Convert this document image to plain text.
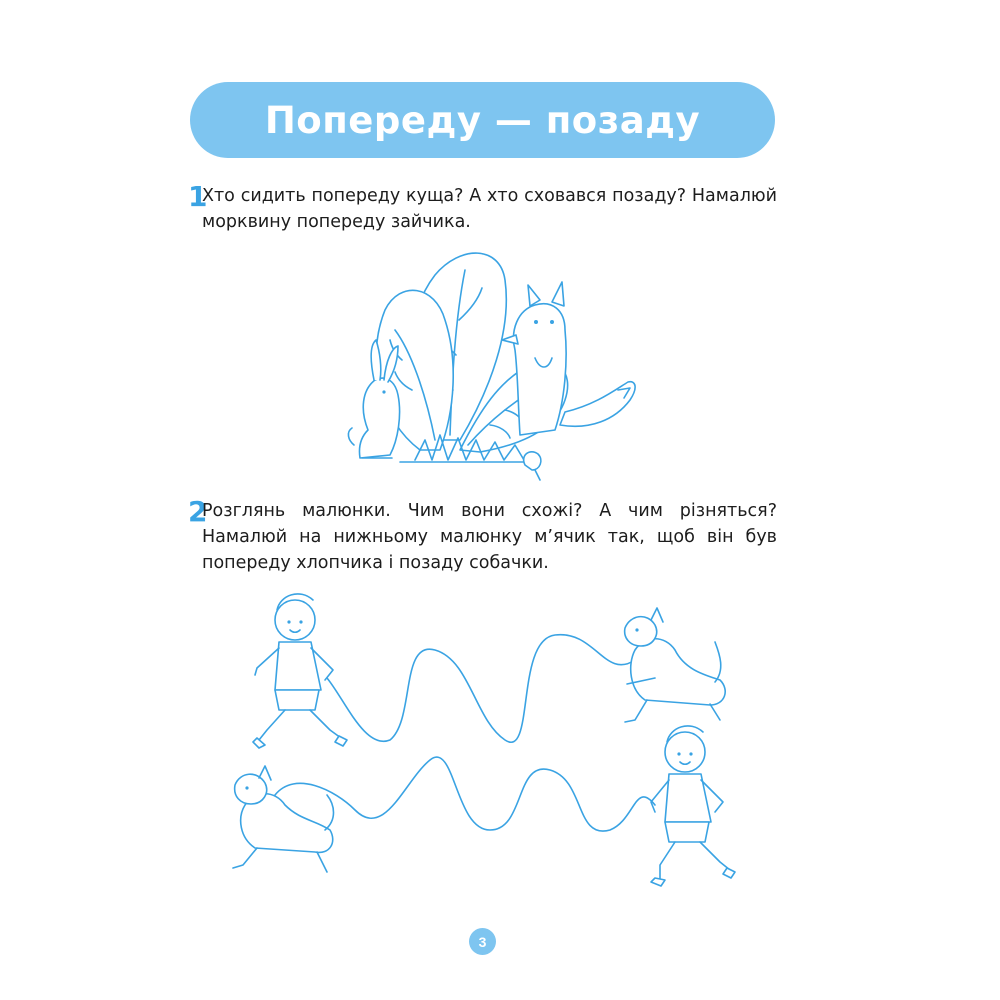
Попереду — позаду
1
Хто сидить попереду куща? А хто сховався позаду? Намалюй морквину попереду зайчика.
2
Розглянь малюнки. Чим вони схожі? А чим різняться? Намалюй на нижньому малюнку м’ячик так, щоб він був попереду хлопчика і позаду собачки.
3
